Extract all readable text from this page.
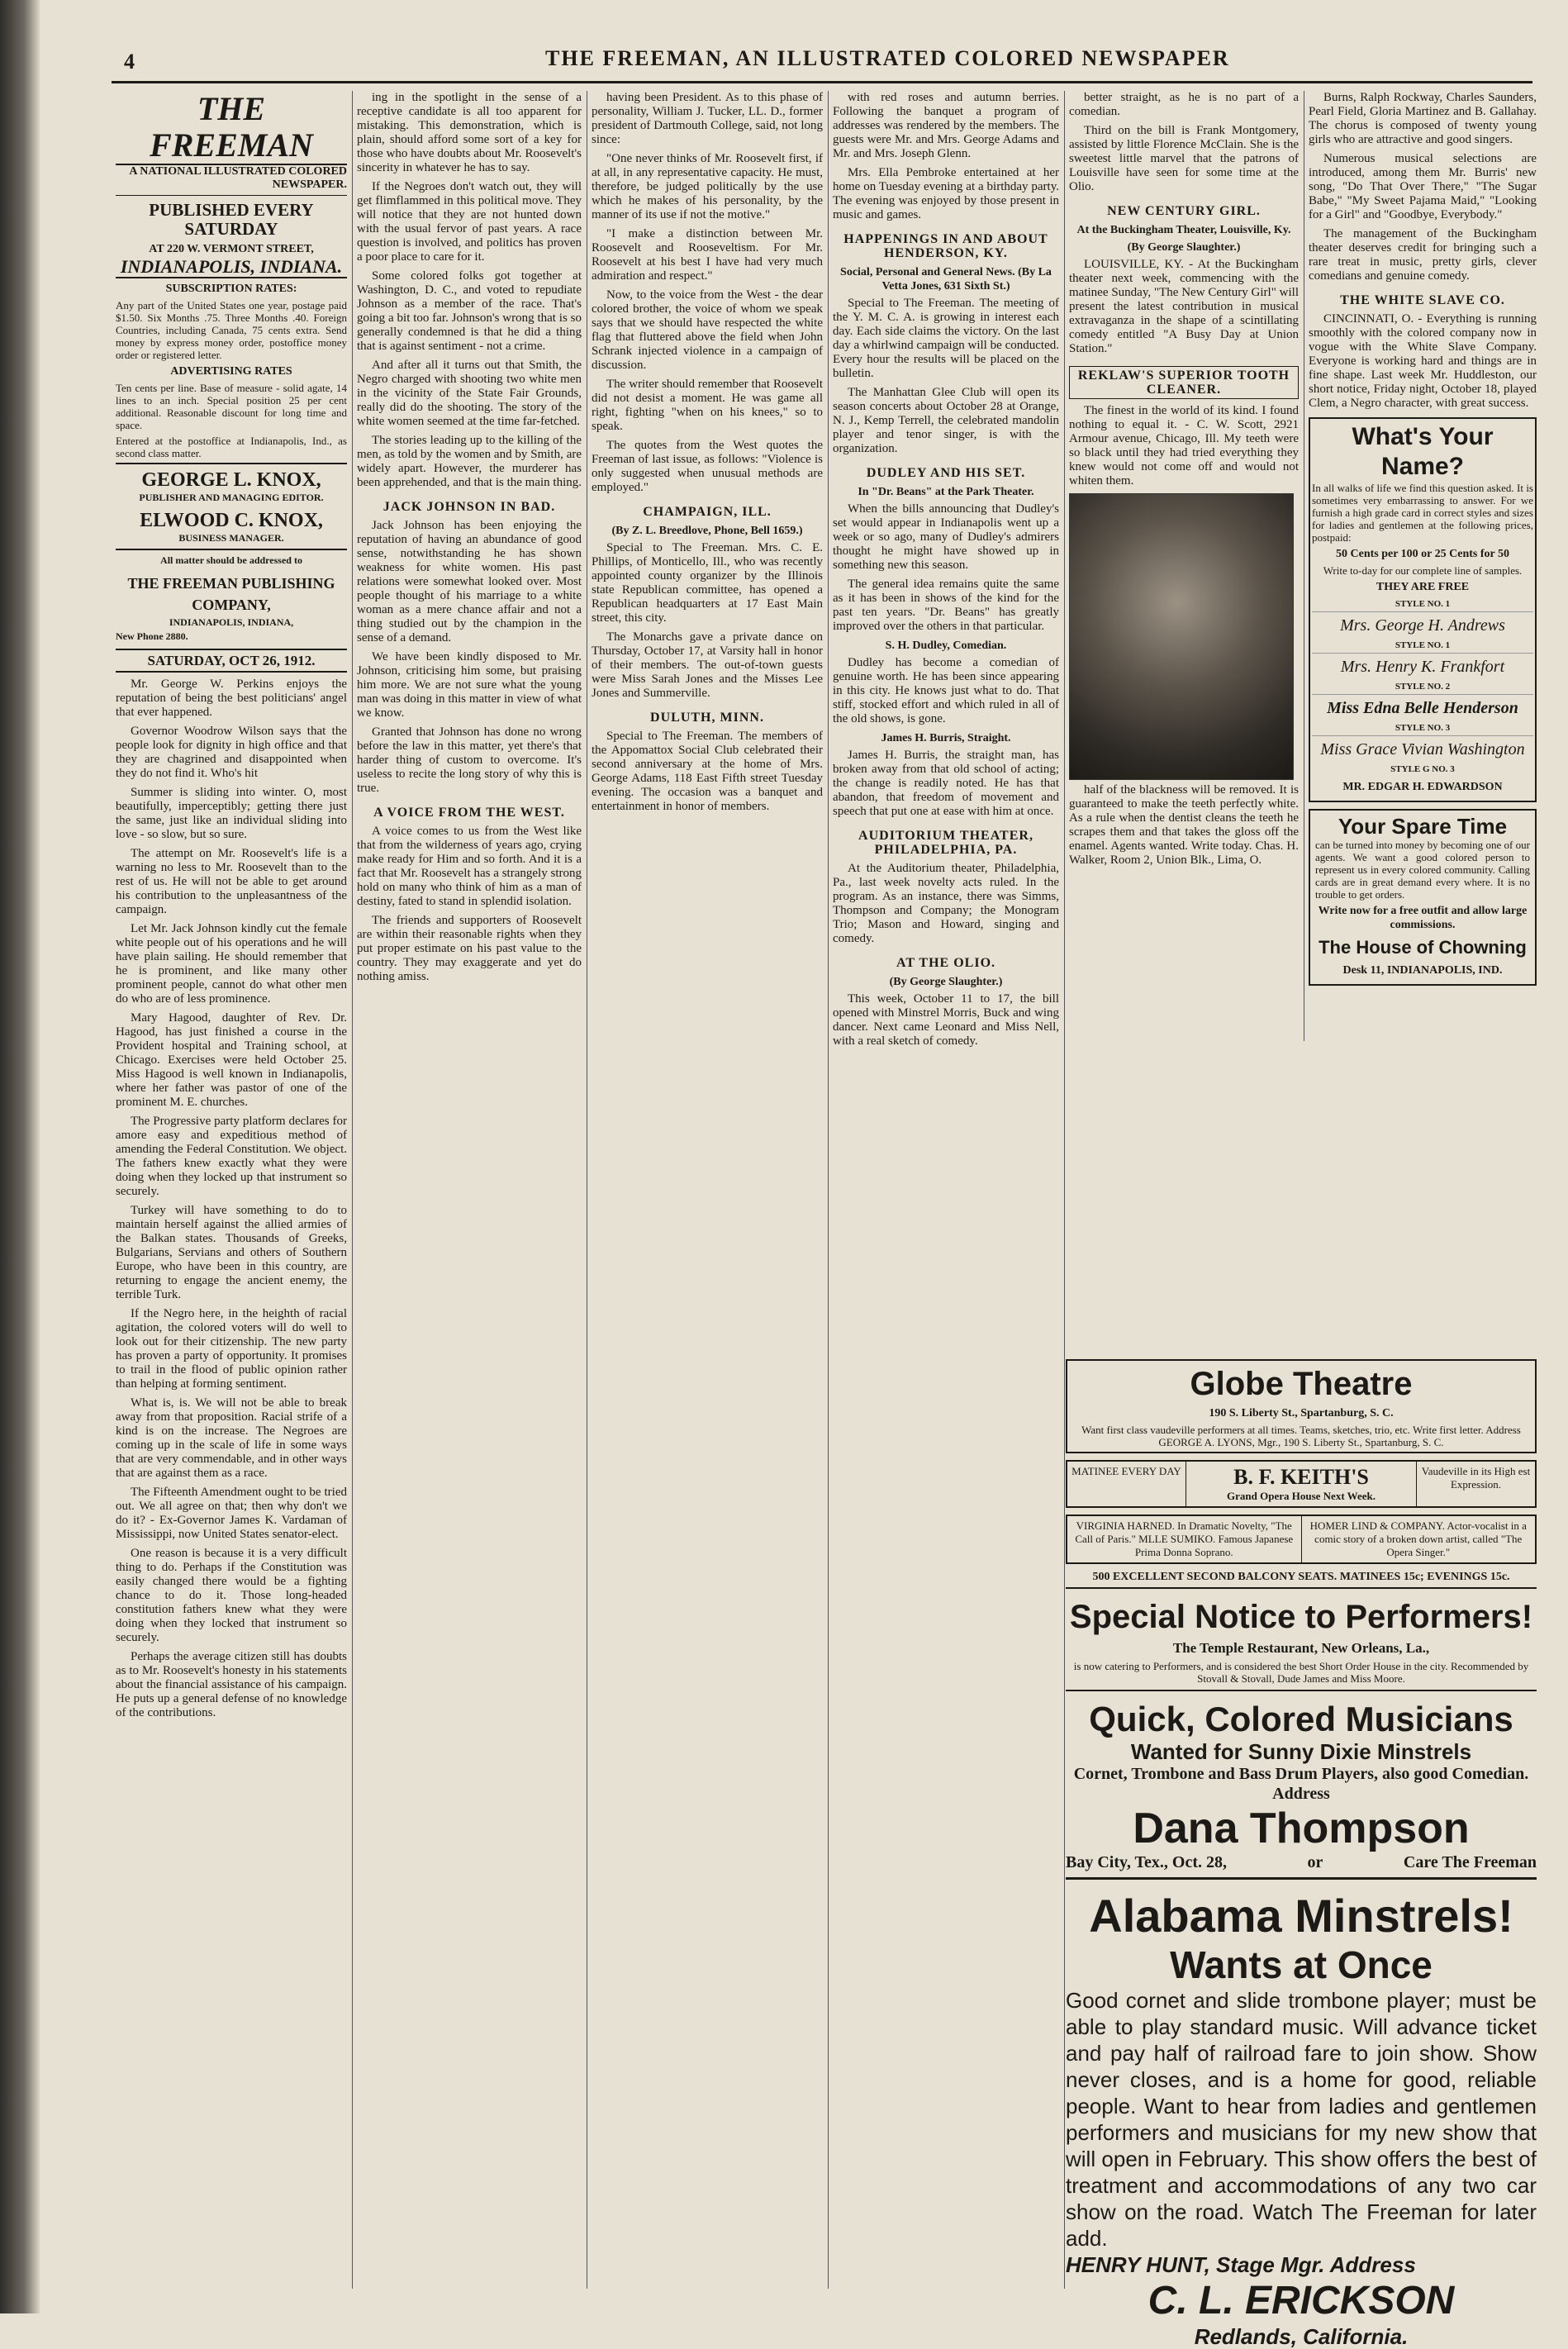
4	THE FREEMAN, AN ILLUSTRATED COLORED NEWSPAPER
THE FREEMAN
A NATIONAL ILLUSTRATED COLORED NEWSPAPER.
PUBLISHED EVERY SATURDAY
AT 220 W. VERMONT STREET,
INDIANAPOLIS, INDIANA.
SUBSCRIPTION RATES:
Any part of the United States one year, postage paid $1.50. Six Months .75. Three Months .40. Foreign Countries, including Canada, 75 cents extra. Send money by express money order, postoffice money order or registered letter.
ADVERTISING RATES
Ten cents per line. Base of measure - solid agate, 14 lines to an inch. Special position 25 per cent additional. Reasonable discount for long time and space.
Entered at the postoffice at Indianapolis, Ind., as second class matter.
GEORGE L. KNOX,
PUBLISHER AND MANAGING EDITOR.
ELWOOD C. KNOX,
BUSINESS MANAGER.
All matter should be addressed to
THE FREEMAN PUBLISHING COMPANY,
INDIANAPOLIS, INDIANA,
New Phone 2880.
SATURDAY, OCT 26, 1912.

Mr. George W. Perkins enjoys the reputation of being the best politicians' angel that ever happened.

Governor Woodrow Wilson says that the people look for dignity in high office and that they are chagrined and disappointed when they do not find it. Who's hit

Summer is sliding into winter. O, most beautifully, imperceptibly; getting there just the same, just like an individual sliding into love - so slow, but so sure.

The attempt on Mr. Roosevelt's life is a warning no less to Mr. Roosevelt than to the rest of us. He will not be able to get around his contribution to the unpleasantness of the campaign.

Let Mr. Jack Johnson kindly cut the female white people out of his operations and he will have plain sailing. He should remember that he is prominent, and like many other prominent people, cannot do what other men do who are of less prominence.

Mary Hagood, daughter of Rev. Dr. Hagood, has just finished a course in the Provident hospital and Training school, at Chicago. Exercises were held October 25. Miss Hagood is well known in Indianapolis, where her father was pastor of one of the prominent M. E. churches.

The Progressive party platform declares for amore easy and expeditious method of amending the Federal Constitution. We object. The fathers knew exactly what they were doing when they locked up that instrument so securely.

Turkey will have something to do to maintain herself against the allied armies of the Balkan states. Thousands of Greeks, Bulgarians, Servians and others of Southern Europe, who have been in this country, are returning to engage the ancient enemy, the terrible Turk.

If the Negro here, in the heighth of racial agitation, the colored voters will do well to look out for their citizenship. The new party has proven a party of opportunity. It promises to trail in the flood of public opinion rather than helping at forming sentiment.

What is, is. We will not be able to break away from that proposition. Racial strife of a kind is on the increase. The Negroes are coming up in the scale of life in some ways that are very commendable, and in other ways that are against them as a race.

The Fifteenth Amendment ought to be tried out. We all agree on that; then why don't we do it? - Ex-Governor James K. Vardaman of Mississippi, now United States senator-elect.

One reason is because it is a very difficult thing to do. Perhaps if the Constitution was easily changed there would be a fighting chance to do it. Those long-headed constitution fathers knew what they were doing when they locked that instrument so securely.

Perhaps the average citizen still has doubts as to Mr. Roosevelt's honesty in his statements about the financial assistance of his campaign. He puts up a general defense of no knowledge of the contributions.

ing in the spotlight in the sense of a receptive candidate is all too apparent for mistaking. This demonstration, which is plain, should afford some sort of a key for those who have doubts about Mr. Roosevelt's sincerity in whatever he has to say.

If the Negroes don't watch out, they will get flimflammed in this political move. They will notice that they are not hunted down with the usual fervor of past years. A race question is involved, and politics has proven a poor place to care for it.

Some colored folks got together at Washington, D. C., and voted to repudiate Johnson as a member of the race. That's going a bit too far. Johnson's wrong that is so generally condemned is that he did a thing that is against sentiment - not a crime.

And after all it turns out that Smith, the Negro charged with shooting two white men in the vicinity of the State Fair Grounds, really did do the shooting. The story of the white women seemed at the time far-fetched.

The stories leading up to the killing of the men, as told by the women and by Smith, are widely apart. However, the murderer has been apprehended, and that is the main thing.

JACK JOHNSON IN BAD.

Jack Johnson has been enjoying the reputation of having an abundance of good sense, notwithstanding he has shown weakness for white women. His past relations were somewhat looked over. Most people thought of his marriage to a white woman as a mere chance affair and not a thing studied out by the champion in the sense of a demand.

We have been kindly disposed to Mr. Johnson, criticising him some, but praising him more. We are not sure what the young man was doing in this matter in view of what we know.

Granted that Johnson has done no wrong before the law in this matter, yet there's that harder thing of custom to overcome. It's useless to recite the long story of why this is true.

A VOICE FROM THE WEST.

A voice comes to us from the West like that from the wilderness of years ago, crying make ready for Him and so forth. And it is a fact that Mr. Roosevelt has a strangely strong hold on many who think of him as a man of destiny, fated to stand in splendid isolation.

The friends and supporters of Roosevelt are within their reasonable rights when they put proper estimate on his past value to the country. They may exaggerate and yet do nothing amiss.

having been President. As to this phase of personality, William J. Tucker, LL. D., former president of Dartmouth College, said, not long since:

"One never thinks of Mr. Roosevelt first, if at all, in any representative capacity. He must, therefore, be judged politically by the use which he makes of his personality, by the manner of its use if not the motive."

"I make a distinction between Mr. Roosevelt and Rooseveltism. For Mr. Roosevelt at his best I have had very much admiration and respect."

Now, to the voice from the West - the dear colored brother, the voice of whom we speak says that we should have respected the white flag that fluttered above the field when John Schrank injected violence in a campaign of discussion.

The writer should remember that Roosevelt did not desist a moment. He was game all right, fighting "when on his knees," so to speak.

The quotes from the West quotes the Freeman of last issue, as follows: "Violence is only suggested when unusual methods are employed."

CHAMPAIGN, ILL.
(By Z. L. Breedlove, Phone, Bell 1659.)

Special to The Freeman. Mrs. C. E. Phillips, of Monticello, Ill., who was recently appointed county organizer by the Illinois state Republican committee, has opened a Republican headquarters at 17 East Main street, this city.

The Monarchs gave a private dance on Thursday, October 17, at Varsity hall in honor of their members. The out-of-town guests were Miss Sarah Jones and the Misses Lee Jones and Summerville.

DULUTH, MINN.

Special to The Freeman. The members of the Appomattox Social Club celebrated their second anniversary at the home of Mrs. George Adams, 118 East Fifth street Tuesday evening. The occasion was a banquet and entertainment in honor of members.

with red roses and autumn berries. Following the banquet a program of addresses was rendered by the members. The guests were Mr. and Mrs. George Adams and Mr. and Mrs. Joseph Glenn.

Mrs. Ella Pembroke entertained at her home on Tuesday evening at a birthday party. The evening was enjoyed by those present in music and games.

HAPPENINGS IN AND ABOUT HENDERSON, KY.
Social, Personal and General News. (By La Vetta Jones, 631 Sixth St.)

Special to The Freeman. The meeting of the Y. M. C. A. is growing in interest each day. Each side claims the victory. On the last day a whirlwind campaign will be conducted. Every hour the results will be placed on the bulletin.

The Manhattan Glee Club will open its season concerts about October 28 at Orange, N. J., Kemp Terrell, the celebrated mandolin player and tenor singer, is with the organization.

DUDLEY AND HIS SET.
In "Dr. Beans" at the Park Theater.

When the bills announcing that Dudley's set would appear in Indianapolis went up a week or so ago, many of Dudley's admirers thought he might have showed up in something new this season.

The general idea remains quite the same as it has been in shows of the kind for the past ten years. "Dr. Beans" has greatly improved over the others in that particular.

S. H. Dudley, Comedian.

Dudley has become a comedian of genuine worth. He has been since appearing in this city. He knows just what to do. That stiff, stocked effort and which ruled in all of the old shows, is gone.

James H. Burris, Straight.

James H. Burris, the straight man, has broken away from that old school of acting; the change is readily noted. He has that abandon, that freedom of movement and speech that put one at ease with him at once.

AUDITORIUM THEATER, PHILADELPHIA, PA.

At the Auditorium theater, Philadelphia, Pa., last week novelty acts ruled. In the program. As an instance, there was Simms, Thompson and Company; the Monogram Trio; Mason and Howard, singing and comedy.

AT THE OLIO.
(By George Slaughter.)

This week, October 11 to 17, the bill opened with Minstrel Morris, Buck and wing dancer. Next came Leonard and Miss Nell, with a real sketch of comedy.

better straight, as he is no part of a comedian.

Third on the bill is Frank Montgomery, assisted by little Florence McClain. She is the sweetest little marvel that the patrons of Louisville have seen for some time at the Olio.

NEW CENTURY GIRL.
At the Buckingham Theater, Louisville, Ky.
(By George Slaughter.)

LOUISVILLE, KY. - At the Buckingham theater next week, commencing with the matinee Sunday, "The New Century Girl" will present the latest contribution in musical extravaganza in the shape of a scintillating comedy entitled "A Busy Day at Union Station."

REKLAW'S SUPERIOR TOOTH CLEANER.

The finest in the world of its kind. I found nothing to equal it. - C. W. Scott, 2921 Armour avenue, Chicago, Ill. My teeth were so black until they had tried everything they knew would not come off and would not whiten them.

half of the blackness will be removed. It is guaranteed to make the teeth perfectly white. As a rule when the dentist cleans the teeth he scrapes them and that takes the gloss off the enamel. Agents wanted. Write today. Chas. H. Walker, Room 2, Union Blk., Lima, O.

Burns, Ralph Rockway, Charles Saunders, Pearl Field, Gloria Martinez and B. Gallahay. The chorus is composed of twenty young girls who are attractive and good singers.

Numerous musical selections are introduced, among them Mr. Burris' new song, "Do That Over There," "The Sugar Babe," "My Sweet Pajama Maid," "Looking for a Girl" and "Goodbye, Everybody."

The management of the Buckingham theater deserves credit for bringing such a rare treat in music, pretty girls, clever comedians and genuine comedy.

THE WHITE SLAVE CO.

CINCINNATI, O. - Everything is running smoothly with the colored company now in vogue with the White Slave Company. Everyone is working hard and things are in fine shape. Last week Mr. Huddleston, our short notice, Friday night, October 18, played Clem, a Negro character, with great success.

What's Your Name?
In all walks of life we find this question asked. It is sometimes very embarrassing to answer. For we furnish a high grade card in correct styles and sizes for ladies and gentlemen at the following prices, postpaid:
50 Cents per 100 or 25 Cents for 50
Write to-day for our complete line of samples.
THEY ARE FREE
STYLE NO. 1
Mrs. George H. Andrews
STYLE NO. 1
Mrs. Henry K. Frankfort
STYLE NO. 2
Miss Edna Belle Henderson
STYLE NO. 3
Miss Grace Vivian Washington
STYLE G NO. 3
MR. EDGAR H. EDWARDSON
Your Spare Time
can be turned into money by becoming one of our agents. We want a good colored person to represent us in every colored community. Calling cards are in great demand every where. It is no trouble to get orders.
Write now for a free outfit and allow large commissions.
The House of Chowning
Desk 11, INDIANAPOLIS, IND.
Globe Theatre
190 S. Liberty St., Spartanburg, S. C.
Want first class vaudeville performers at all times. Teams, sketches, trio, etc. Write first letter. Address GEORGE A. LYONS, Mgr., 190 S. Liberty St., Spartanburg, S. C.
MATINEE EVERY DAY	B. F. KEITH'S
Grand Opera House Next Week.
Vaudeville in its High est Expression.
VIRGINIA HARNED. In Dramatic Novelty, "The Call of Paris." MLLE SUMIKO. Famous Japanese Prima Donna Soprano.
HOMER LIND & COMPANY. Actor-vocalist in a comic story of a broken down artist, called "The Opera Singer."
500 EXCELLENT SECOND BALCONY SEATS. MATINEES 15c; EVENINGS 15c.
Special Notice to Performers!
The Temple Restaurant, New Orleans, La.,
is now catering to Performers, and is considered the best Short Order House in the city. Recommended by Stovall & Stovall, Dude James and Miss Moore.
Quick, Colored Musicians
Wanted for Sunny Dixie Minstrels
Cornet, Trombone and Bass Drum Players, also good Comedian. Address
Dana Thompson
Bay City, Tex., Oct. 28,	or	Care The Freeman
Alabama Minstrels!
Wants at Once
Good cornet and slide trombone player; must be able to play standard music. Will advance ticket and pay half of railroad fare to join show. Show never closes, and is a home for good, reliable people. Want to hear from ladies and gentlemen performers and musicians for my new show that will open in February. This show offers the best of treatment and accommodations of any two car show on the road. Watch The Freeman for later add.
HENRY HUNT, Stage Mgr. Address
C. L. ERICKSON
Redlands, California.
